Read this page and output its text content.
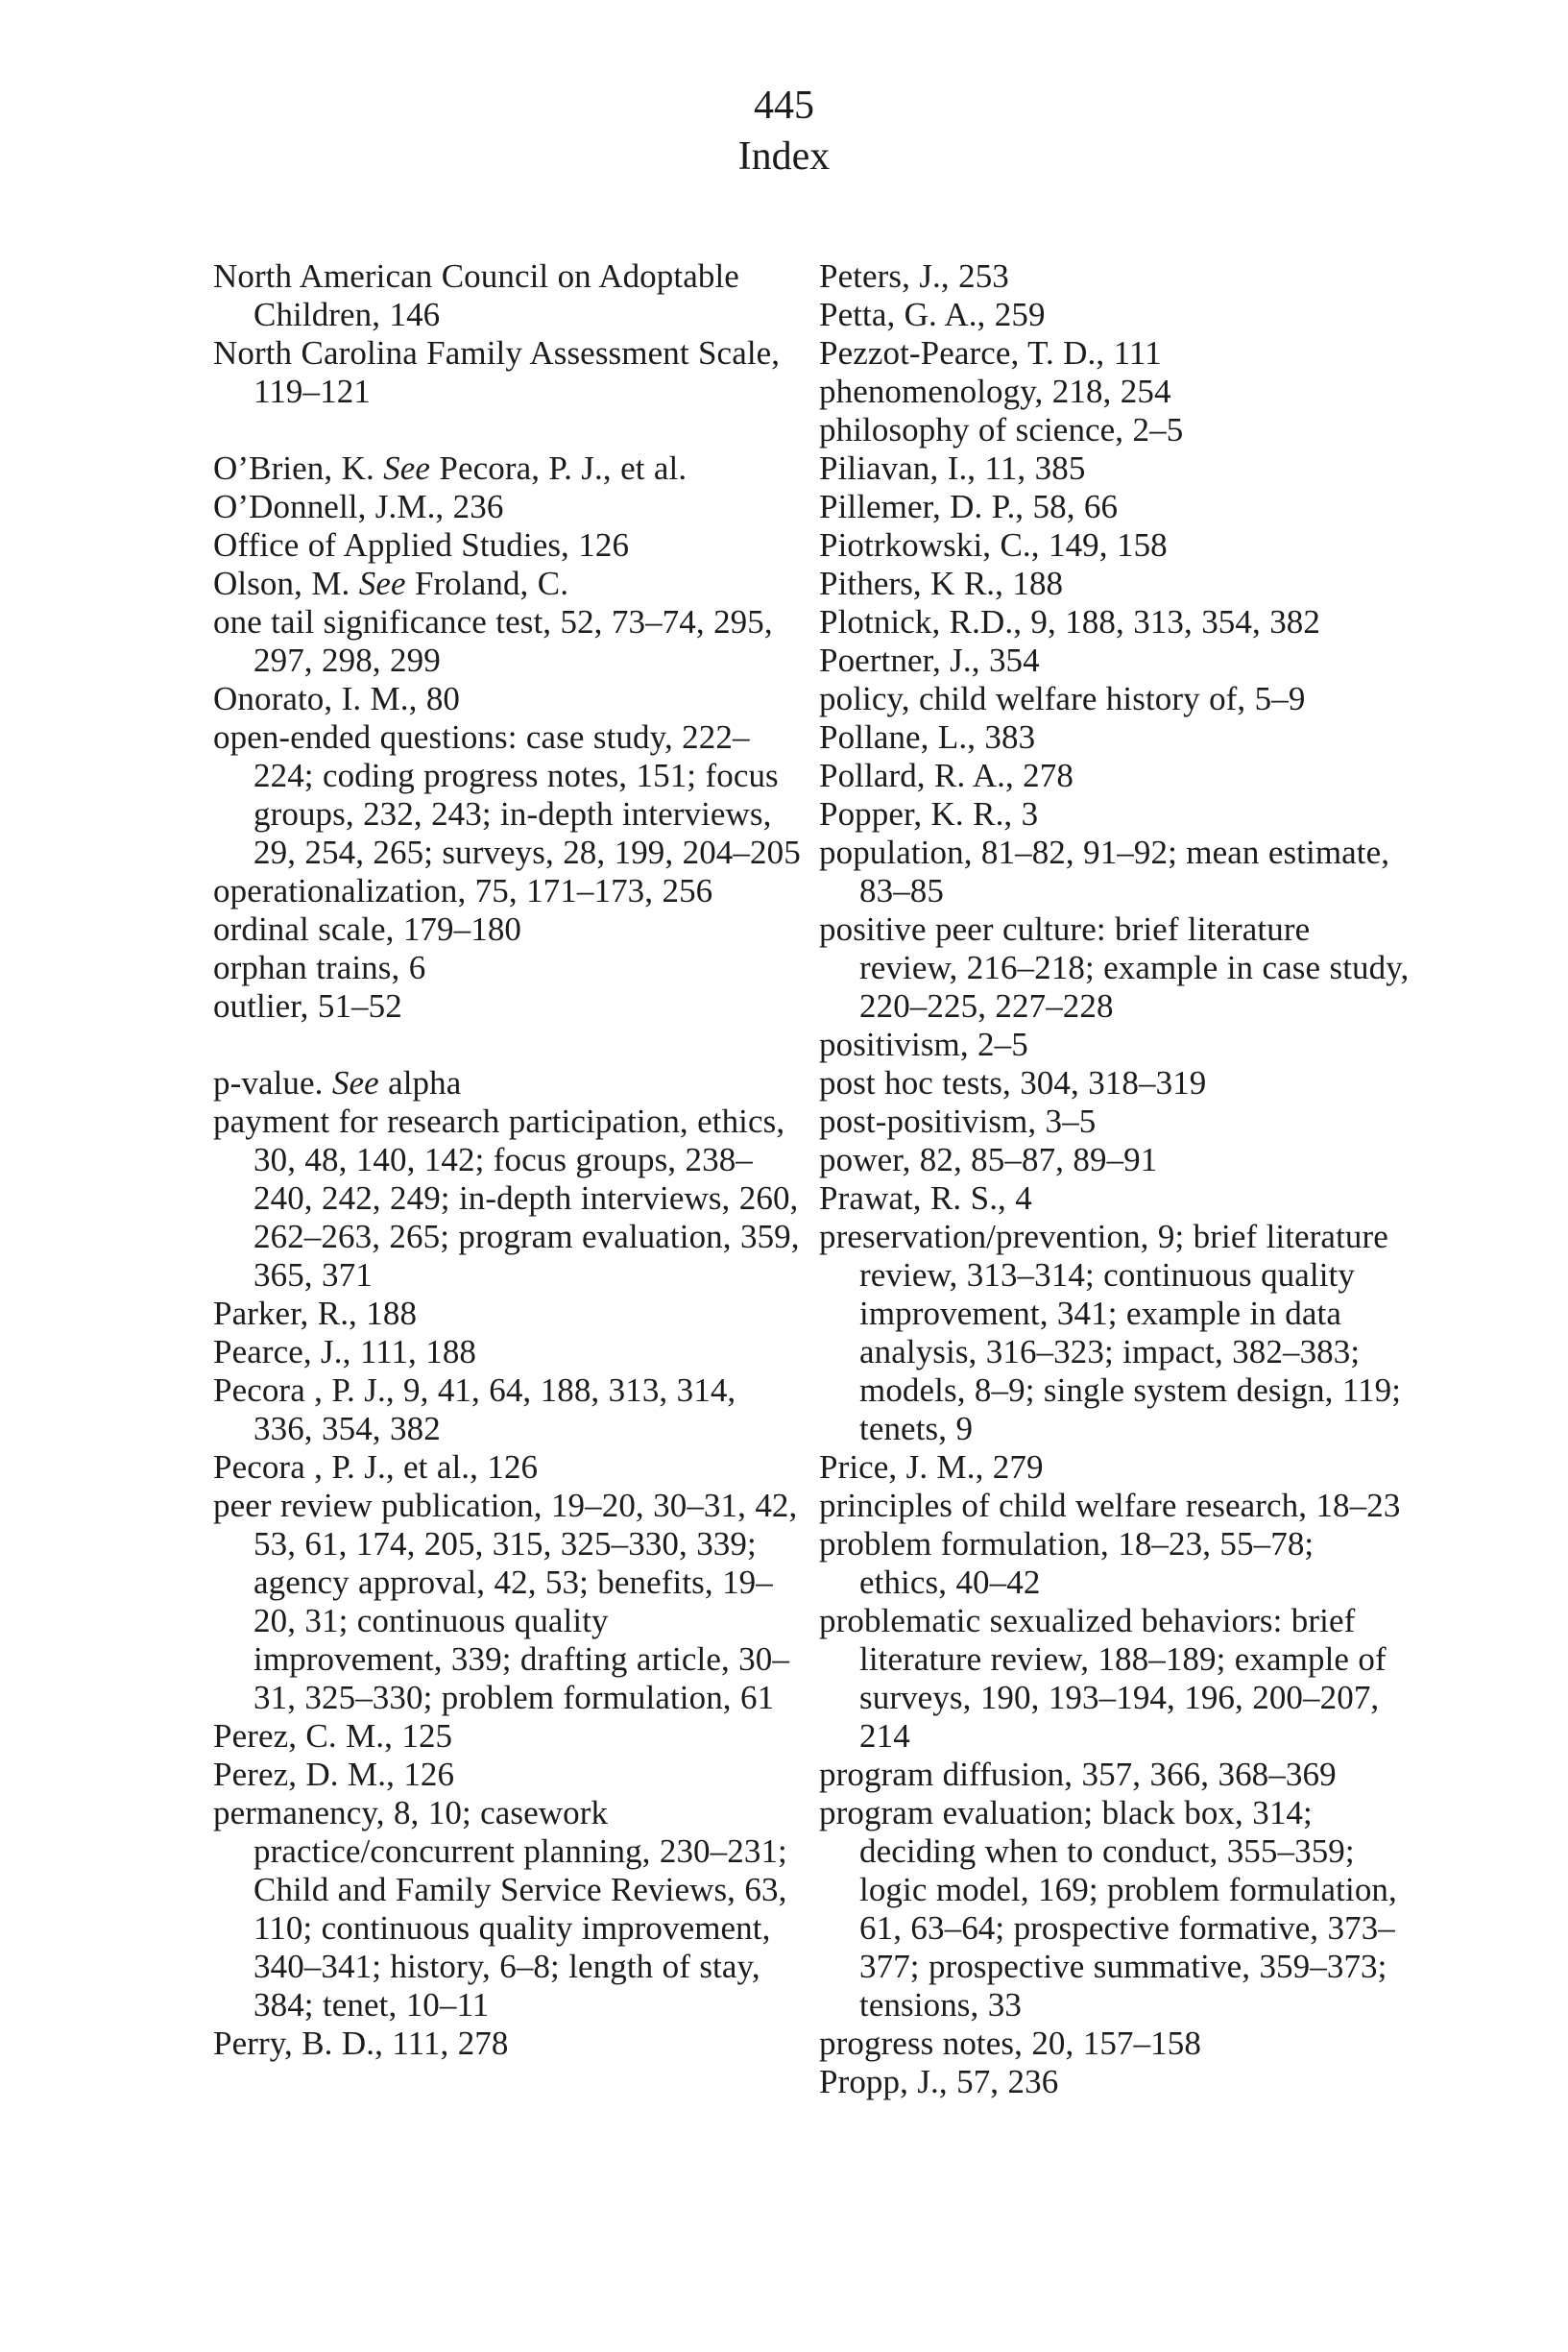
445
Index

North American Council on Adoptable Children, 146

North Carolina Family Assessment Scale, 119–121

O’Brien, K. See Pecora, P. J., et al.

O’Donnell, J.M., 236

Office of Applied Studies, 126

Olson, M. See Froland, C.

one tail significance test, 52, 73–74, 295, 297, 298, 299

Onorato, I. M., 80

open-ended questions: case study, 222–224; coding progress notes, 151; focus groups, 232, 243; in-depth interviews, 29, 254, 265; surveys, 28, 199, 204–205

operationalization, 75, 171–173, 256

ordinal scale, 179–180

orphan trains, 6

outlier, 51–52

p-value. See alpha

payment for research participation, ethics, 30, 48, 140, 142; focus groups, 238–240, 242, 249; in-depth interviews, 260, 262–263, 265; program evaluation, 359, 365, 371

Parker, R., 188

Pearce, J., 111, 188

Pecora , P. J., 9, 41, 64, 188, 313, 314, 336, 354, 382

Pecora , P. J., et al., 126

peer review publication, 19–20, 30–31, 42, 53, 61, 174, 205, 315, 325–330, 339; agency approval, 42, 53; benefits, 19–20, 31; continuous quality improvement, 339; drafting article, 30–31, 325–330; problem formulation, 61

Perez, C. M., 125

Perez, D. M., 126

permanency, 8, 10; casework practice/concurrent planning, 230–231; Child and Family Service Reviews, 63, 110; continuous quality improvement, 340–341; history, 6–8; length of stay, 384; tenet, 10–11

Perry, B. D., 111, 278

Peters, J., 253

Petta, G. A., 259

Pezzot-Pearce, T. D., 111

phenomenology, 218, 254

philosophy of science, 2–5

Piliavan, I., 11, 385

Pillemer, D. P., 58, 66

Piotrkowski, C., 149, 158

Pithers, K R., 188

Plotnick, R.D., 9, 188, 313, 354, 382

Poertner, J., 354

policy, child welfare history of, 5–9

Pollane, L., 383

Pollard, R. A., 278

Popper, K. R., 3

population, 81–82, 91–92; mean estimate, 83–85

positive peer culture: brief literature review, 216–218; example in case study, 220–225, 227–228

positivism, 2–5

post hoc tests, 304, 318–319

post-positivism, 3–5

power, 82, 85–87, 89–91

Prawat, R. S., 4

preservation/prevention, 9; brief literature review, 313–314; continuous quality improvement, 341; example in data analysis, 316–323; impact, 382–383; models, 8–9; single system design, 119; tenets, 9

Price, J. M., 279

principles of child welfare research, 18–23

problem formulation, 18–23, 55–78; ethics, 40–42

problematic sexualized behaviors: brief literature review, 188–189; example of surveys, 190, 193–194, 196, 200–207, 214

program diffusion, 357, 366, 368–369

program evaluation; black box, 314; deciding when to conduct, 355–359; logic model, 169; problem formulation, 61, 63–64; prospective formative, 373–377; prospective summative, 359–373; tensions, 33

progress notes, 20, 157–158

Propp, J., 57, 236
